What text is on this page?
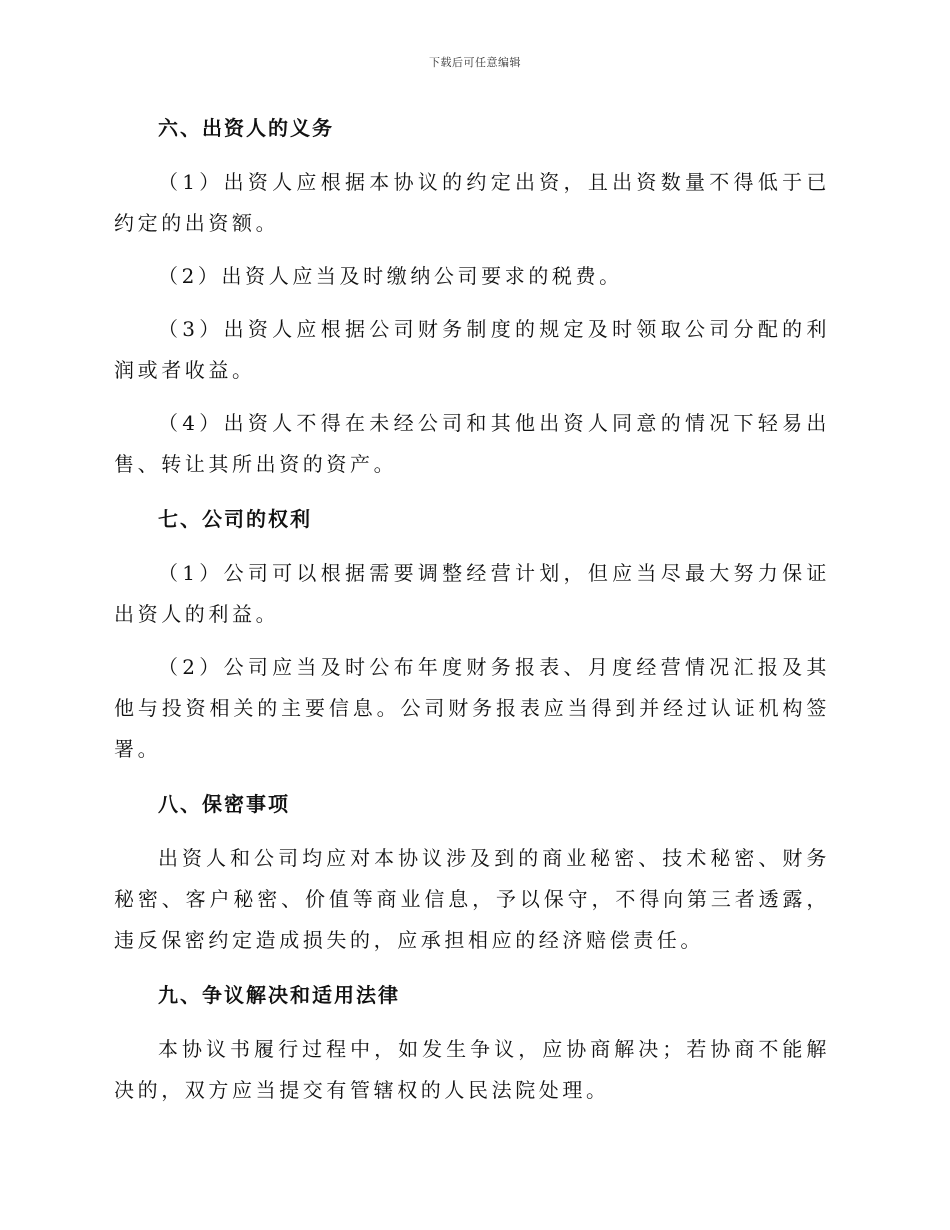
下载后可任意编辑
六、出资人的义务

（1）出资人应根据本协议的约定出资，且出资数量不得低于已约定的出资额。

（2）出资人应当及时缴纳公司要求的税费。

（3）出资人应根据公司财务制度的规定及时领取公司分配的利润或者收益。

（4）出资人不得在未经公司和其他出资人同意的情况下轻易出售、转让其所出资的资产。

七、公司的权利

（1）公司可以根据需要调整经营计划，但应当尽最大努力保证出资人的利益。

（2）公司应当及时公布年度财务报表、月度经营情况汇报及其他与投资相关的主要信息。公司财务报表应当得到并经过认证机构签署。

八、保密事项

出资人和公司均应对本协议涉及到的商业秘密、技术秘密、财务秘密、客户秘密、价值等商业信息，予以保守，不得向第三者透露，违反保密约定造成损失的，应承担相应的经济赔偿责任。

九、争议解决和适用法律

本协议书履行过程中，如发生争议，应协商解决；若协商不能解决的，双方应当提交有管辖权的人民法院处理。
